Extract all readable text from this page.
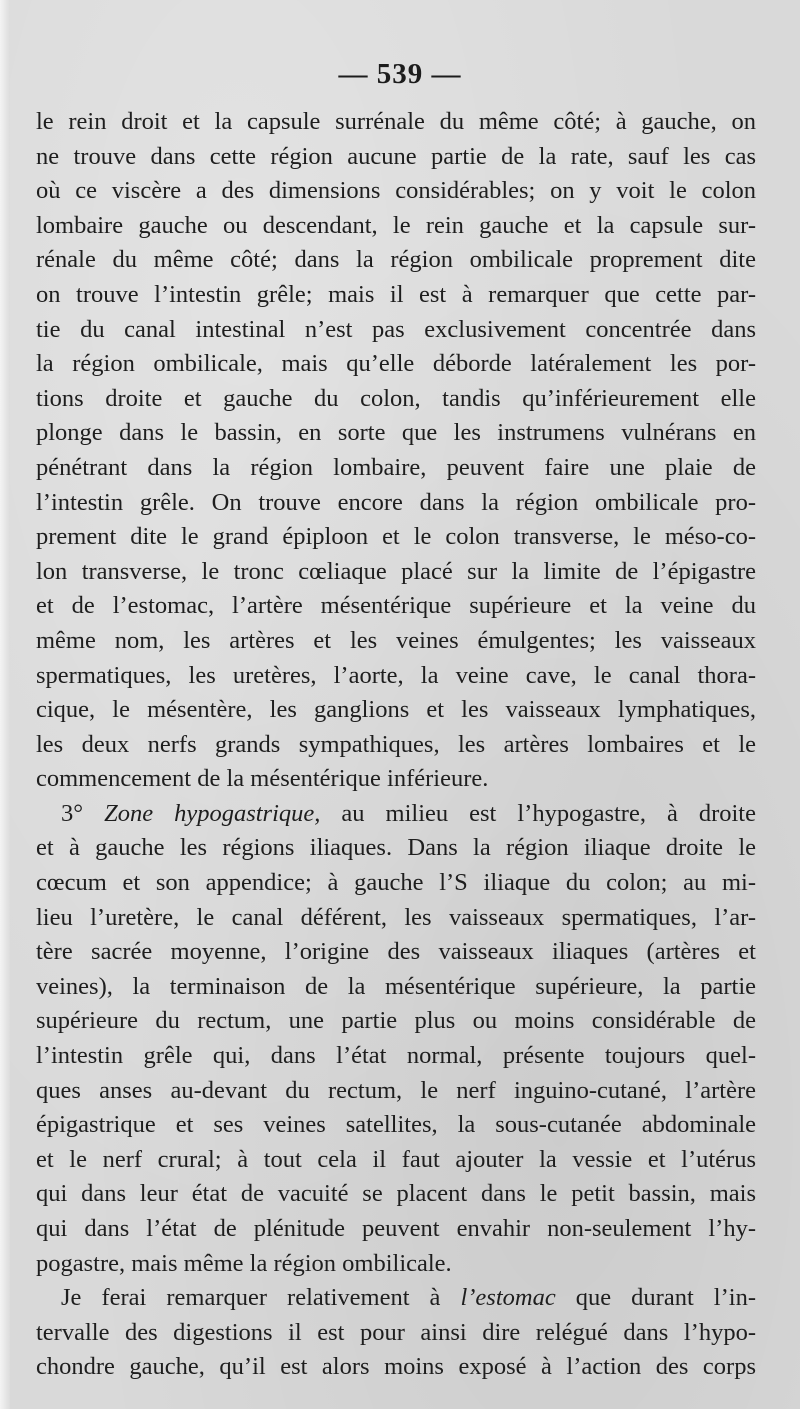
— 539 —
le rein droit et la capsule surrénale du même côté; à gauche, on
ne trouve dans cette région aucune partie de la rate, sauf les cas
où ce viscère a des dimensions considérables; on y voit le colon
lombaire gauche ou descendant, le rein gauche et la capsule sur-
rénale du même côté; dans la région ombilicale proprement dite
on trouve l’intestin grêle; mais il est à remarquer que cette par-
tie du canal intestinal n’est pas exclusivement concentrée dans
la région ombilicale, mais qu’elle déborde latéralement les por-
tions droite et gauche du colon, tandis qu’inférieurement elle
plonge dans le bassin, en sorte que les instrumens vulnérans en
pénétrant dans la région lombaire, peuvent faire une plaie de
l’intestin grêle. On trouve encore dans la région ombilicale pro-
prement dite le grand épiploon et le colon transverse, le méso-co-
lon transverse, le tronc cœliaque placé sur la limite de l’épigastre
et de l’estomac, l’artère mésentérique supérieure et la veine du
même nom, les artères et les veines émulgentes; les vaisseaux
spermatiques, les uretères, l’aorte, la veine cave, le canal thora-
cique, le mésentère, les ganglions et les vaisseaux lymphatiques,
les deux nerfs grands sympathiques, les artères lombaires et le
commencement de la mésentérique inférieure.
3° Zone hypogastrique, au milieu est l’hypogastre, à droite
et à gauche les régions iliaques. Dans la région iliaque droite le
cœcum et son appendice; à gauche l’S iliaque du colon; au mi-
lieu l’uretère, le canal déférent, les vaisseaux spermatiques, l’ar-
tère sacrée moyenne, l’origine des vaisseaux iliaques (artères et
veines), la terminaison de la mésentérique supérieure, la partie
supérieure du rectum, une partie plus ou moins considérable de
l’intestin grêle qui, dans l’état normal, présente toujours quel-
ques anses au-devant du rectum, le nerf inguino-cutané, l’artère
épigastrique et ses veines satellites, la sous-cutanée abdominale
et le nerf crural; à tout cela il faut ajouter la vessie et l’utérus
qui dans leur état de vacuité se placent dans le petit bassin, mais
qui dans l’état de plénitude peuvent envahir non-seulement l’hy-
pogastre, mais même la région ombilicale.
Je ferai remarquer relativement à l’estomac que durant l’in-
tervalle des digestions il est pour ainsi dire relégué dans l’hypo-
chondre gauche, qu’il est alors moins exposé à l’action des corps
